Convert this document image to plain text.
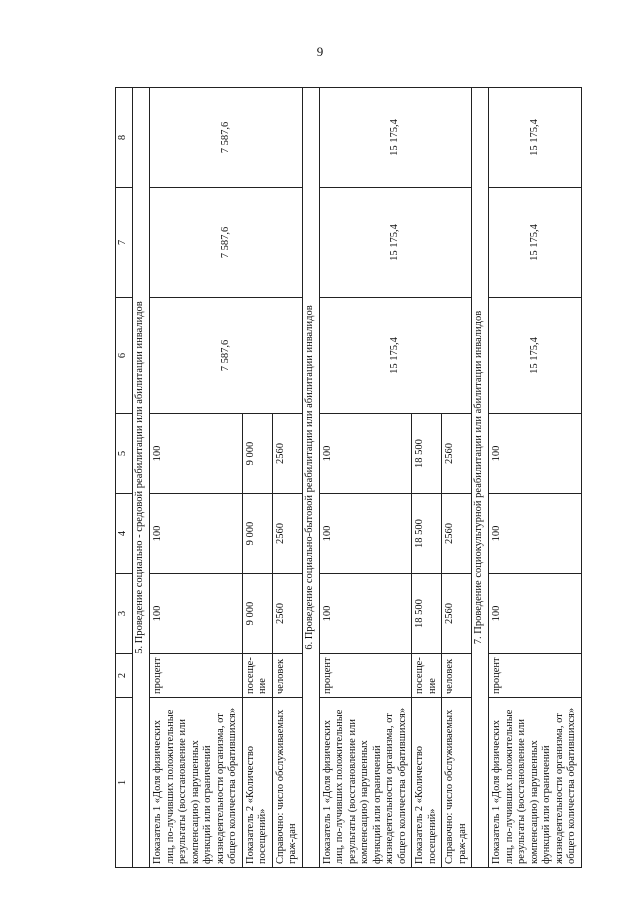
9
1	2	3	4	5	6	7	8
5. Проведение социально - средовой реабилитации или абилитации инвалидов							
Показатель 1 «Доля физических лиц, по-лучивших положительные результаты (восстановление или компенсацию) нарушенных функций или ограничений жизнедеятельности организма, от общего количества обратившихся»	процент	100	100	100	7 587,6	7 587,6	7 587,6
Показатель 2 «Количество посещений»	посеще-ние	9 000	9 000	9 000			
Справочно: число обслуживаемых граж-дан	человек	2560	2560	2560			
6. Проведение социально-бытовой реабилитации или абилитации инвалидов							
Показатель 1 «Доля физических лиц, по-лучивших положительные результаты (восстановление или компенсацию) нарушенных функций или ограничений жизнедеятельности организма, от общего количества обратившихся»	процент	100	100	100	15 175,4	15 175,4	15 175,4
Показатель 2 «Количество посещений»	посеще-ние	18 500	18 500	18 500			
Справочно: число обслуживаемых граж-дан	человек	2560	2560	2560			
7. Проведение социокультурной реабилитации или абилитации инвалидов							
Показатель 1 «Доля физических лиц, по-лучивших положительные результаты (восстановление или компенсацию) нарушенных функций или ограничений жизнедеятельности организма, от общего количества обратившихся»	процент	100	100	100	15 175,4	15 175,4	15 175,4
